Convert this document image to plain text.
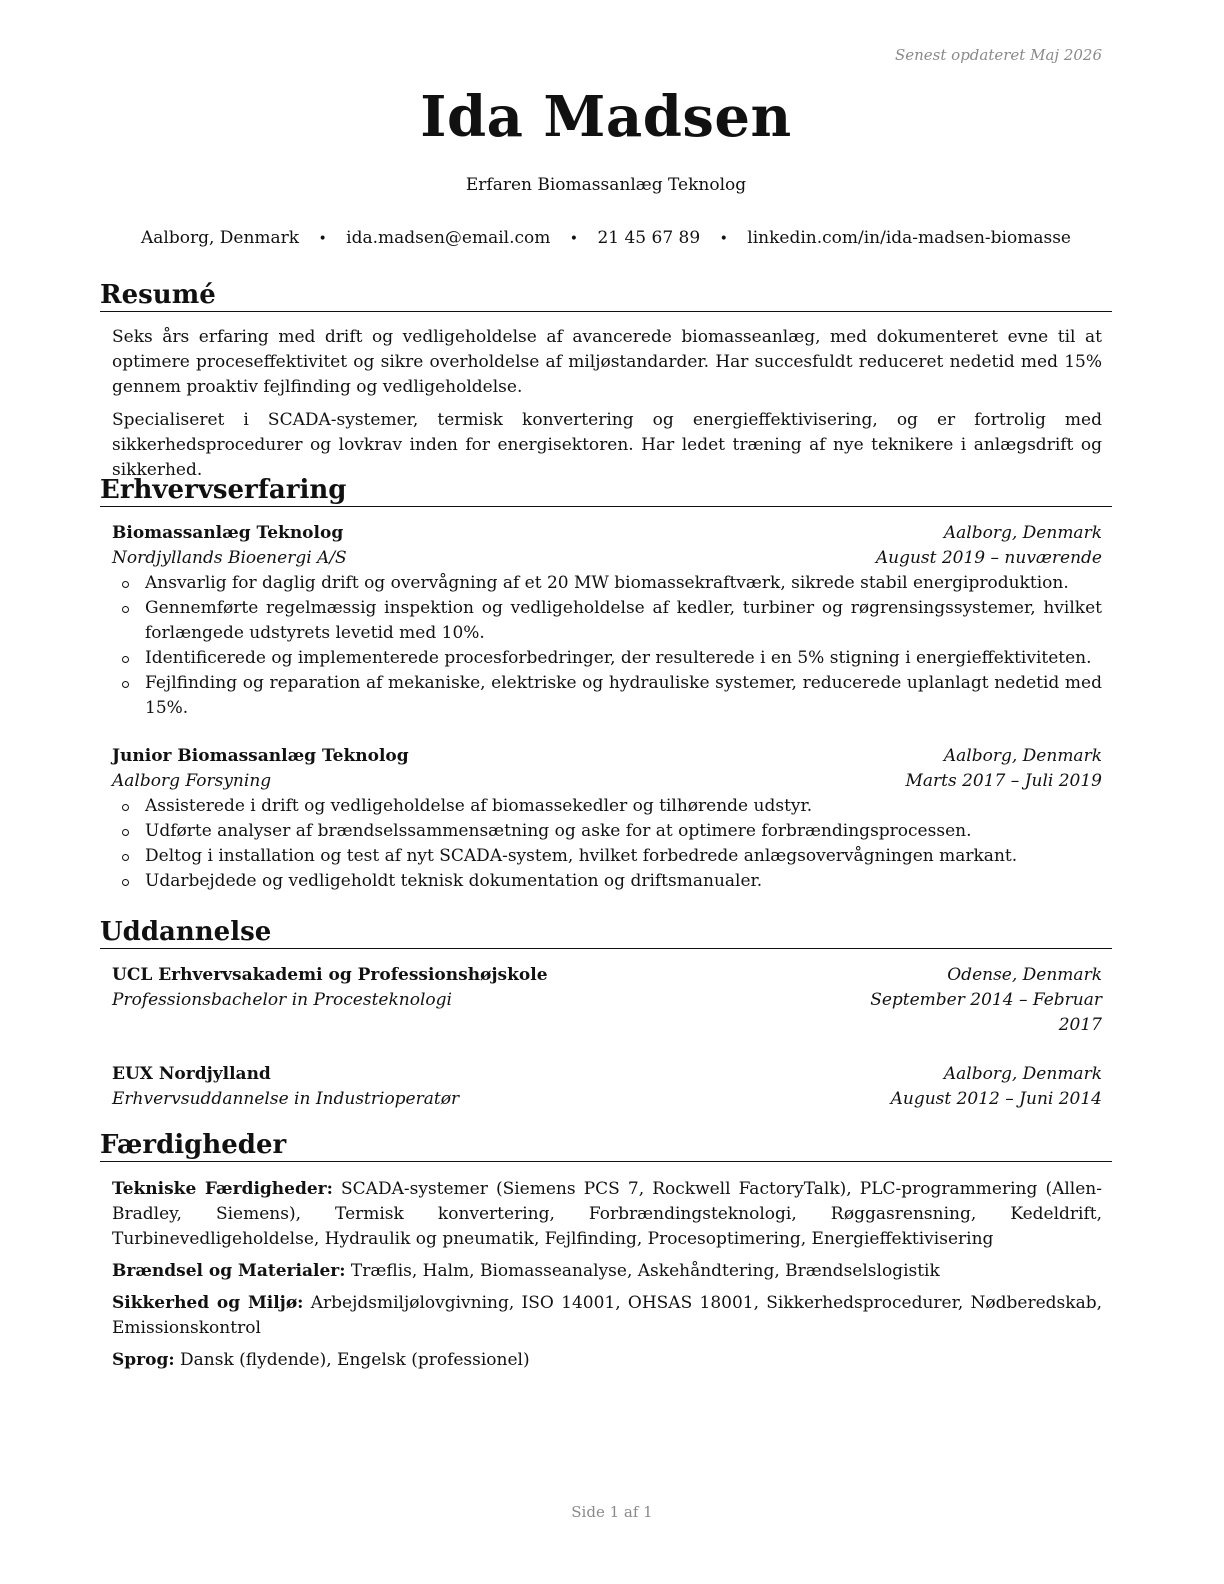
Senest opdateret Maj 2026
Ida Madsen
Erfaren Biomassanlæg Teknolog
Aalborg, Denmark • ida.madsen@email.com • 21 45 67 89 • linkedin.com/in/ida-madsen-biomasse
Resumé

Seks års erfaring med drift og vedligeholdelse af avancerede biomasseanlæg, med dokumenteret evne til at optimere proceseffektivitet og sikre overholdelse af miljøstandarder. Har succesfuldt reduceret nedetid med 15% gennem proaktiv fejlfinding og vedligeholdelse.

Specialiseret i SCADA-systemer, termisk konvertering og energieffektivisering, og er fortrolig med sikkerhedsprocedurer og lovkrav inden for energisektoren. Har ledet træning af nye teknikere i anlægsdrift og sikkerhed.

Erhvervserfaring
Biomassanlæg Teknolog	Aalborg, Denmark
Nordjyllands Bioenergi A/S	August 2019 – nuværende
Ansvarlig for daglig drift og overvågning af et 20 MW biomassekraftværk, sikrede stabil energiproduktion.
Gennemførte regelmæssig inspektion og vedligeholdelse af kedler, turbiner og røgrensingssystemer, hvilket forlængede udstyrets levetid med 10%.
Identificerede og implementerede procesforbedringer, der resulterede i en 5% stigning i energieffektiviteten.
Fejlfinding og reparation af mekaniske, elektriske og hydrauliske systemer, reducerede uplanlagt nedetid med 15%.
Junior Biomassanlæg Teknolog	Aalborg, Denmark
Aalborg Forsyning	Marts 2017 – Juli 2019
Assisterede i drift og vedligeholdelse af biomassekedler og tilhørende udstyr.
Udførte analyser af brændselssammensætning og aske for at optimere forbrændingsprocessen.
Deltog i installation og test af nyt SCADA-system, hvilket forbedrede anlægsovervågningen markant.
Udarbejdede og vedligeholdt teknisk dokumentation og driftsmanualer.
Uddannelse
UCL Erhvervsakademi og Professionshøjskole	Odense, Denmark
Professionsbachelor in Procesteknologi	September 2014 – Februar 2017
EUX Nordjylland	Aalborg, Denmark
Erhvervsuddannelse in Industrioperatør	August 2012 – Juni 2014
Færdigheder

Tekniske Færdigheder: SCADA-systemer (Siemens PCS 7, Rockwell FactoryTalk), PLC-programmering (Allen-Bradley, Siemens), Termisk konvertering, Forbrændingsteknologi, Røggasrensning, Kedeldrift, Turbinevedligeholdelse, Hydraulik og pneumatik, Fejlfinding, Procesoptimering, Energieffektivisering

Brændsel og Materialer: Træflis, Halm, Biomasseanalyse, Askehåndtering, Brændselslogistik

Sikkerhed og Miljø: Arbejdsmiljølovgivning, ISO 14001, OHSAS 18001, Sikkerhedsprocedurer, Nødberedskab, Emissionskontrol

Sprog: Dansk (flydende), Engelsk (professionel)

Side 1 af 1
